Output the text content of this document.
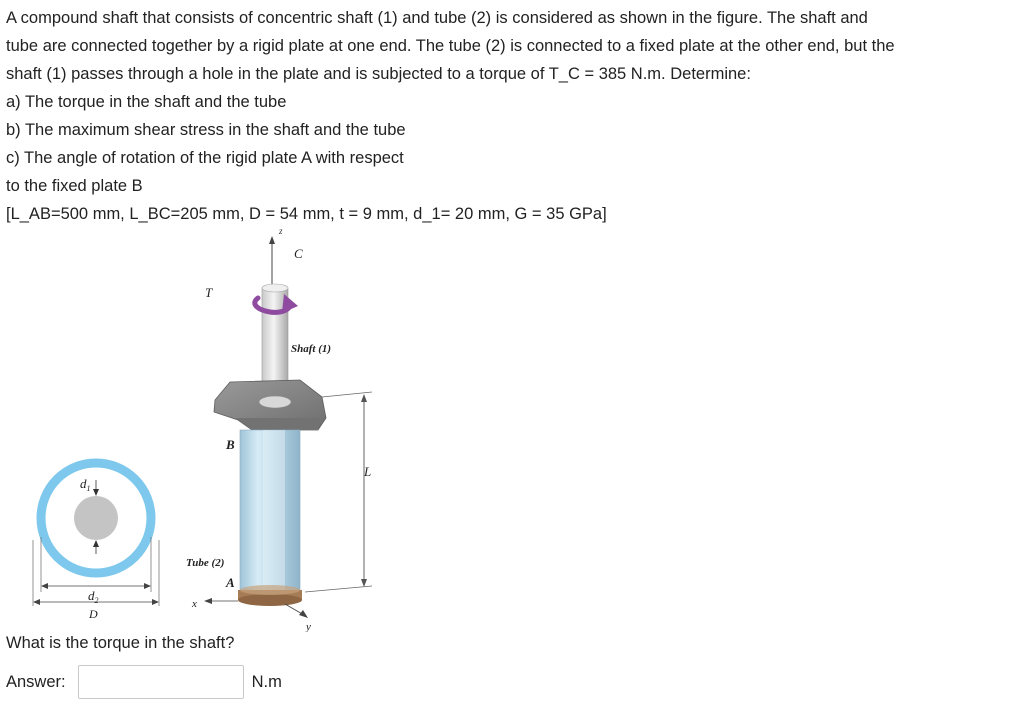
A compound shaft that consists of concentric shaft (1) and tube (2) is considered as shown in the figure. The shaft and

tube are connected together by a rigid plate at one end. The tube (2) is connected to a fixed plate at the other end, but the

shaft (1) passes through a hole in the plate and is subjected to a torque of T_C = 385 N.m. Determine:

a) The torque in the shaft and the tube

b) The maximum shear stress in the shaft and the tube

c) The angle of rotation of the rigid plate A with respect

to the fixed plate B

[L_AB=500 mm, L_BC=205 mm, D = 54 mm, t = 9 mm, d_1= 20 mm, G = 35 GPa]

z
C
T
Shaft (1)
L
B
Tube (2)
A
x
y
$d_1$
$d_2$
D
What is the torque in the shaft?
Answer:	N.m
